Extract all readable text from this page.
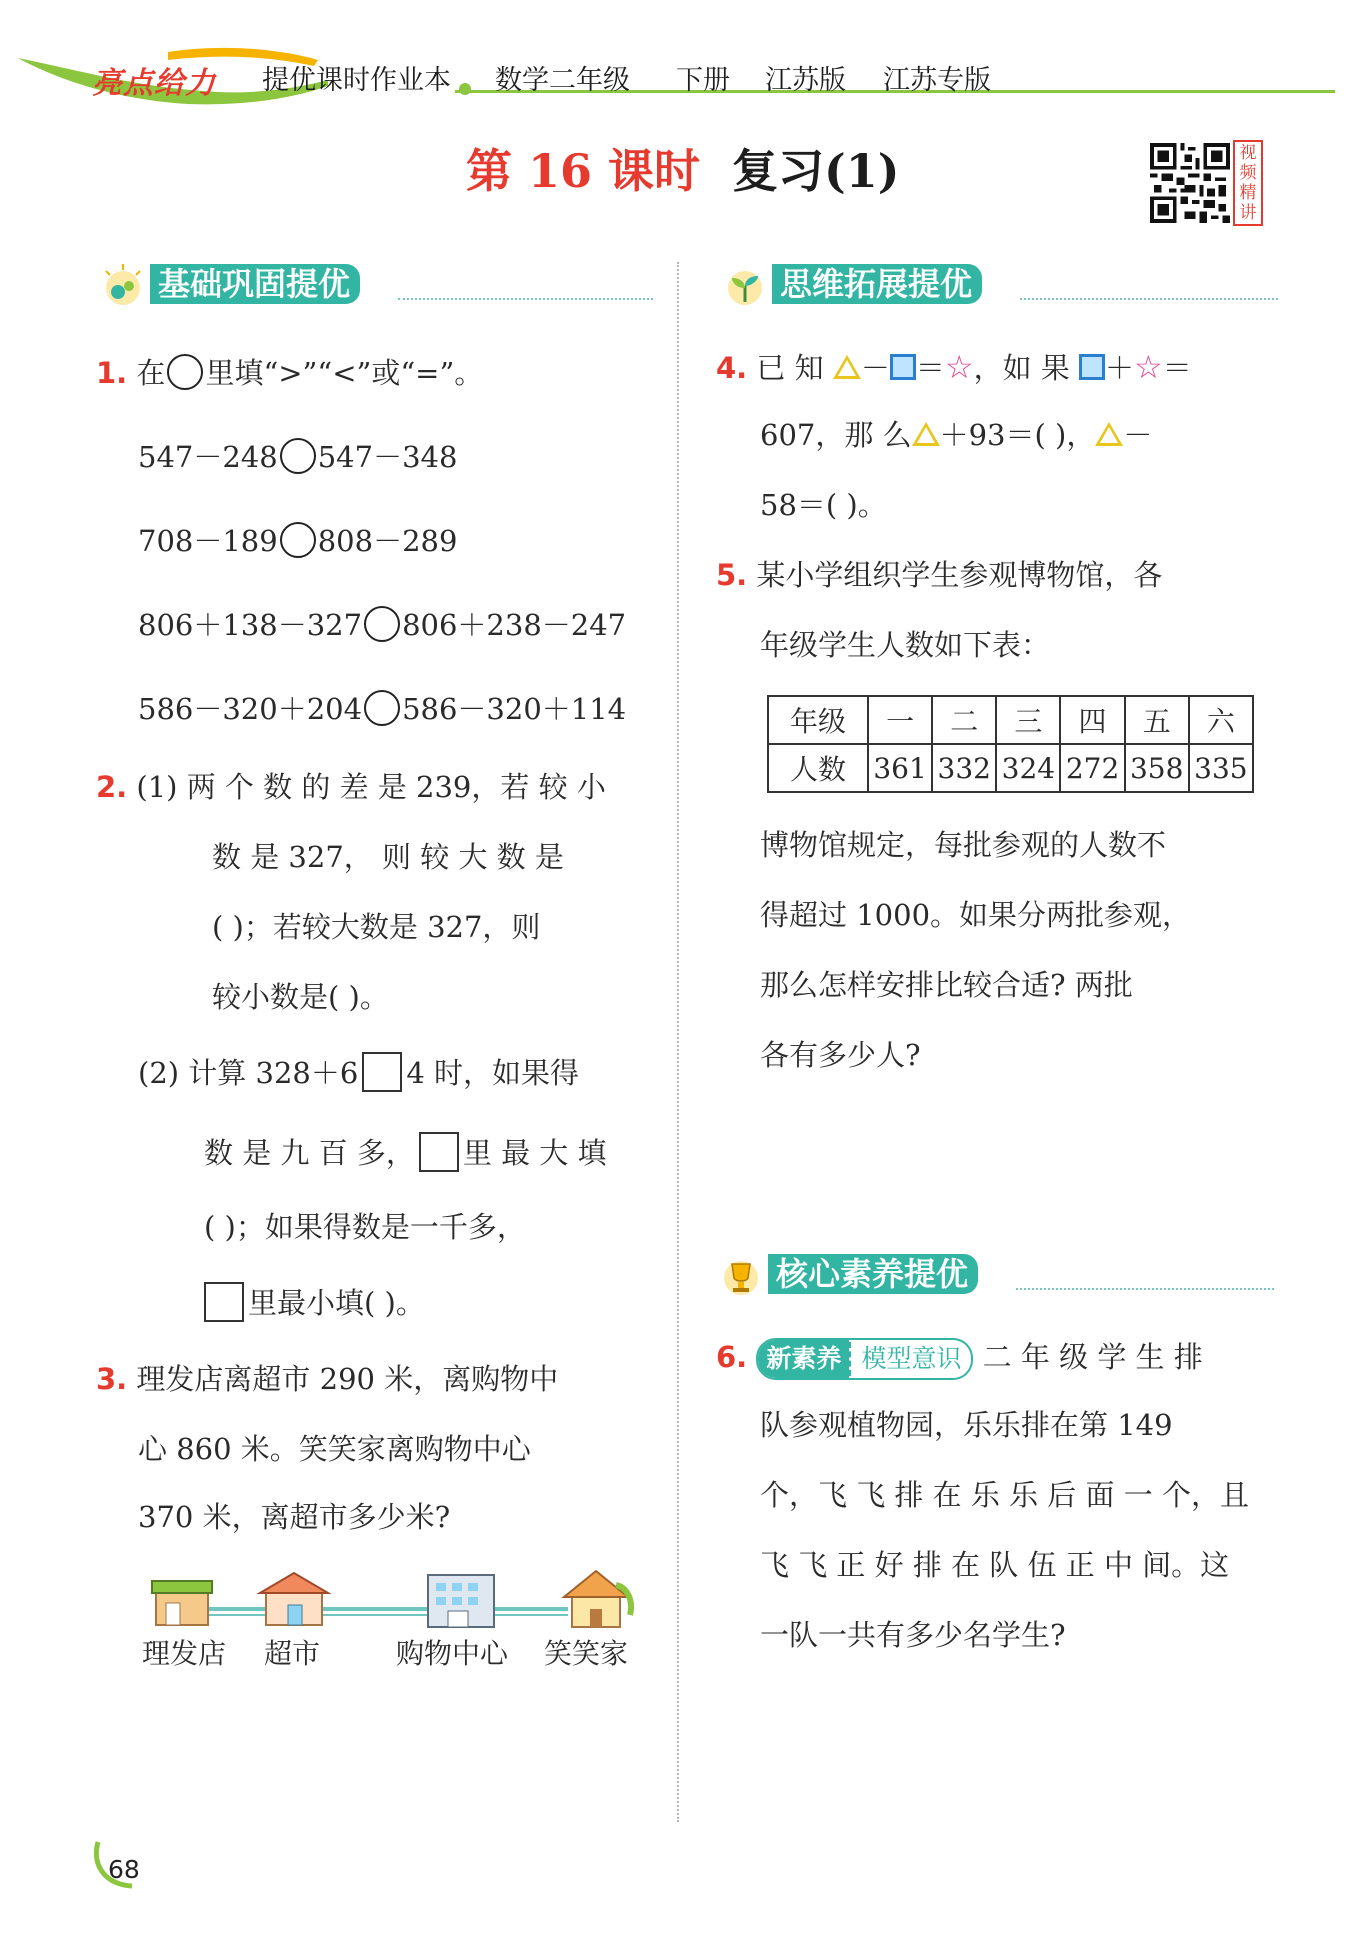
亮点给力 提优课时作业本 数学二年级 下册 江苏版 江苏专版
第 16 课时 复习(1)	视
频
精
讲
基础巩固提优	思维拓展提优
1. 在 里填“>”“<”或“=”。
547－248 547－348
708－189 808－289
806＋138－327 806＋238－247
586－320＋204 586－320＋114
2. (1) 两 个 数 的 差 是 239，若 较 小
数 是 327， 则 较 大 数 是
( )；若较大数是 327，则
较小数是( )。
(2) 计算 328＋6 4 时，如果得
数 是 九 百 多， 里 最 大 填
( )；如果得数是一千多，
里最小填( )。
3. 理发店离超市 290 米，离购物中
心 860 米。笑笑家离购物中心
370 米，离超市多少米?
理发店 超市	购物中心 笑笑家
4. 已 知 － ＝☆，如 果 ＋☆＝
607，那 么 ＋93＝( )， －
58＝( )。
5. 某小学组织学生参观博物馆，各
年级学生人数如下表：
年级	一	二	三	四	五	六
人数	361	332	324	272	358	335
博物馆规定，每批参观的人数不
得超过 1000。如果分两批参观，
那么怎样安排比较合适? 两批
各有多少人?
核心素养提优
6. 新素养 模型意识 二 年 级 学 生 排
队参观植物园，乐乐排在第 149
个，飞 飞 排 在 乐 乐 后 面 一 个，且
飞 飞 正 好 排 在 队 伍 正 中 间。这
一队一共有多少名学生?
68
